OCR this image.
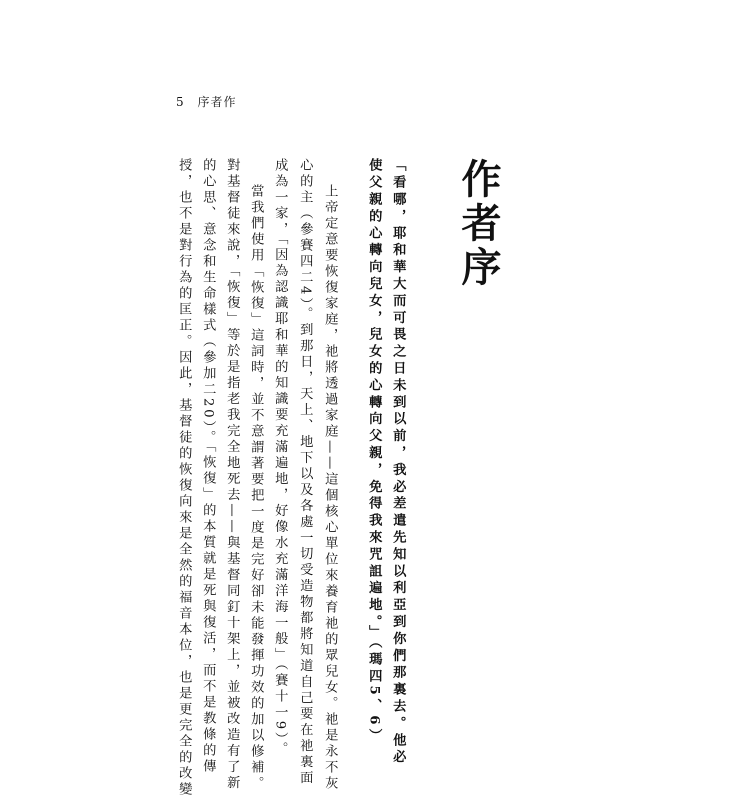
5 序者作
作者序
「看哪，耶和華大而可畏之日未到以前，我必差遣先知以利亞到你們那裏去。他必
使父親的心轉向兒女，兒女的心轉向父親，免得我來咒詛遍地。」（瑪四5、6）
上帝定意要恢復家庭，祂將透過家庭——這個核心單位來養育祂的眾兒女。祂是永不灰
心的主（參賽四二4）。到那日，天上、地下以及各處一切受造物都將知道自己要在祂裏面
成為一家，「因為認識耶和華的知識要充滿遍地，好像水充滿洋海一般」（賽十一9）。
當我們使用「恢復」這詞時，並不意謂著要把一度是完好卻未能發揮功效的加以修補。
對基督徒來說，「恢復」等於是指老我完全地死去——與基督同釘十架上，並被改造有了新
的心思、意念和生命樣式（參加二20）。「恢復」的本質就是死與復活，而不是教條的傳
授，也不是對行為的匡正。因此，基督徒的恢復向來是全然的福音本位，也是更完全的改變
